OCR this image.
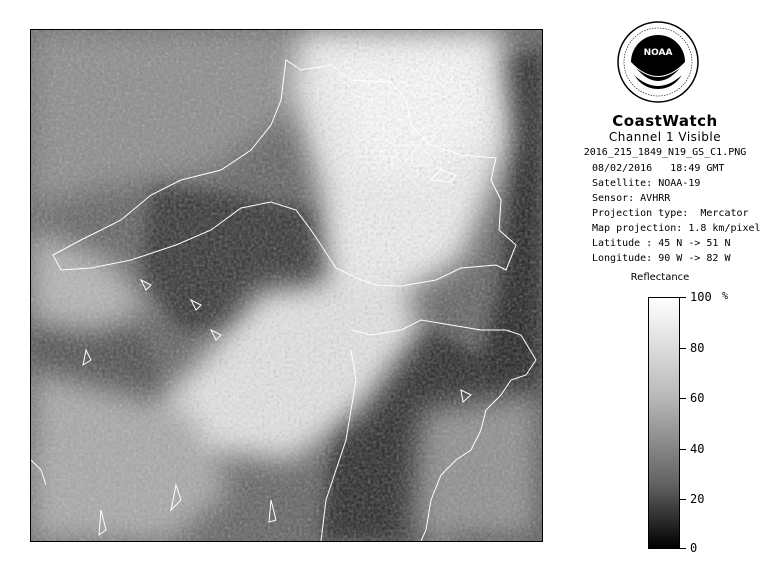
NOAA
CoastWatch
Channel 1 Visible
2016_215_1849_N19_GS_C1.PNG
08/02/2016   18:49 GMT
Satellite: NOAA-19
Sensor: AVHRR
Projection type:  Mercator
Map projection: 1.8 km/pixel
Latitude : 45 N -> 51 N
Longitude: 90 W -> 82 W
Reflectance
%
100
80
60
40
20
0
